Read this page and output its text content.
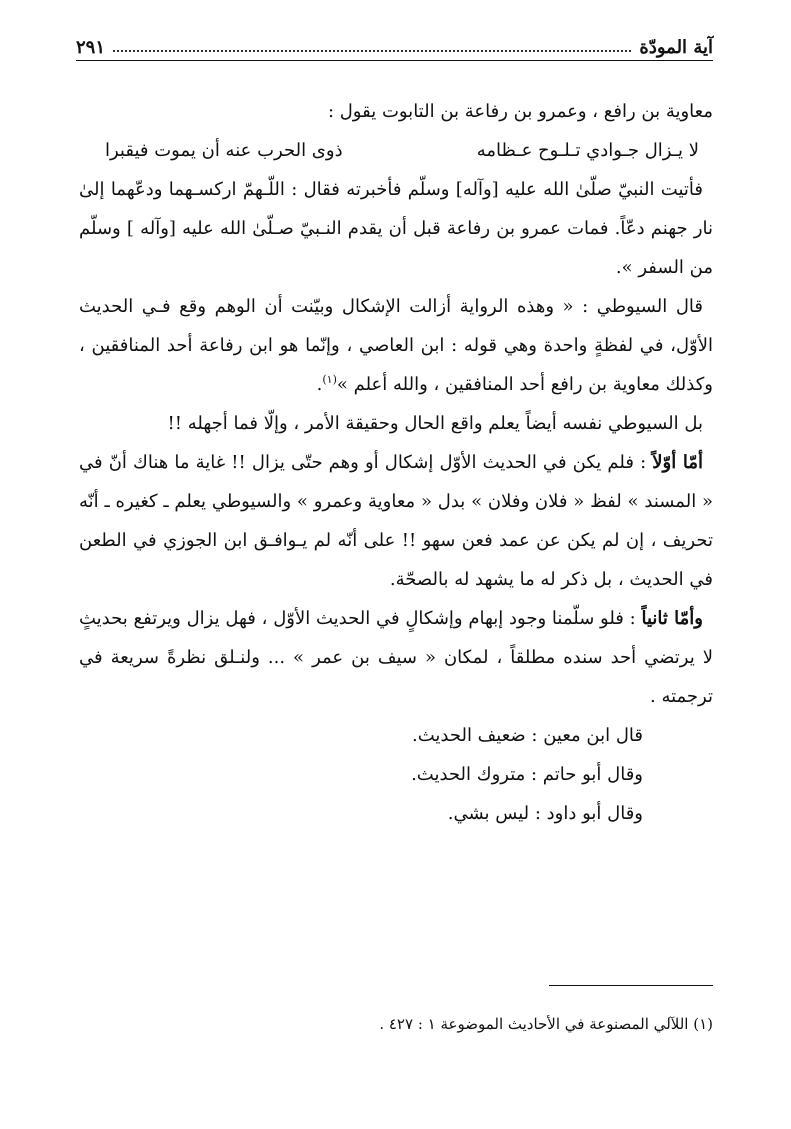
آية المودّة
٢٩١

معاوية بن رافع ، وعمرو بن رفاعة بن التابوت يقول :

لا يـزال جـوادي تـلـوح عـظامه
ذوى الحرب عنه أن يموت فيقبرا

فأتيت النبيّ صلّىٰ الله عليه [وآله] وسلّم فأخبرته فقال : اللّـهمّ اركسـهما ودعّهما إلىٰ نار جهنم دعّاً. فمات عمرو بن رفاعة قبل أن يقدم النـبيّ صـلّىٰ الله عليه [وآله ] وسلّم من السفر ».

قال السيوطي : « وهذه الرواية أزالت الإشكال وبيّنت أن الوهم وقع فـي الحديث الأوّل، في لفظةٍ واحدة وهي قوله : ابن العاصي ، وإنّما هو ابن رفاعة أحد المنافقين ، وكذلك معاوية بن رافع أحد المنافقين ، والله أعلم »$^{(١)}$.

بل السيوطي نفسه أيضاً يعلم واقع الحال وحقيقة الأمر ، وإلّا فما أجهله !!

أمّا أوّلاً : فلم يكن في الحديث الأوّل إشكال أو وهم حتّى يزال !! غاية ما هناك أنّ في « المسند » لفظ « فلان وفلان » بدل « معاوية وعمرو » والسيوطي يعلم ـ كغيره ـ أنّه تحريف ، إن لم يكن عن عمد فعن سهو !! على أنّه لم يـوافـق ابن الجوزي في الطعن في الحديث ، بل ذكر له ما يشهد له بالصحّة.

وأمّا ثانياً : فلو سلّمنا وجود إبهام وإشكالٍ في الحديث الأوّل ، فهل يزال ويرتفع بحديثٍ لا يرتضي أحد سنده مطلقاً ، لمكان « سيف بن عمر » ... ولنـلق نظرةً سريعة في ترجمته .

قال ابن معين : ضعيف الحديث.

وقال أبو حاتم : متروك الحديث.

وقال أبو داود : ليس بشي.

(١) اللآلي المصنوعة في الأحاديث الموضوعة ١ : ٤٢٧ .
